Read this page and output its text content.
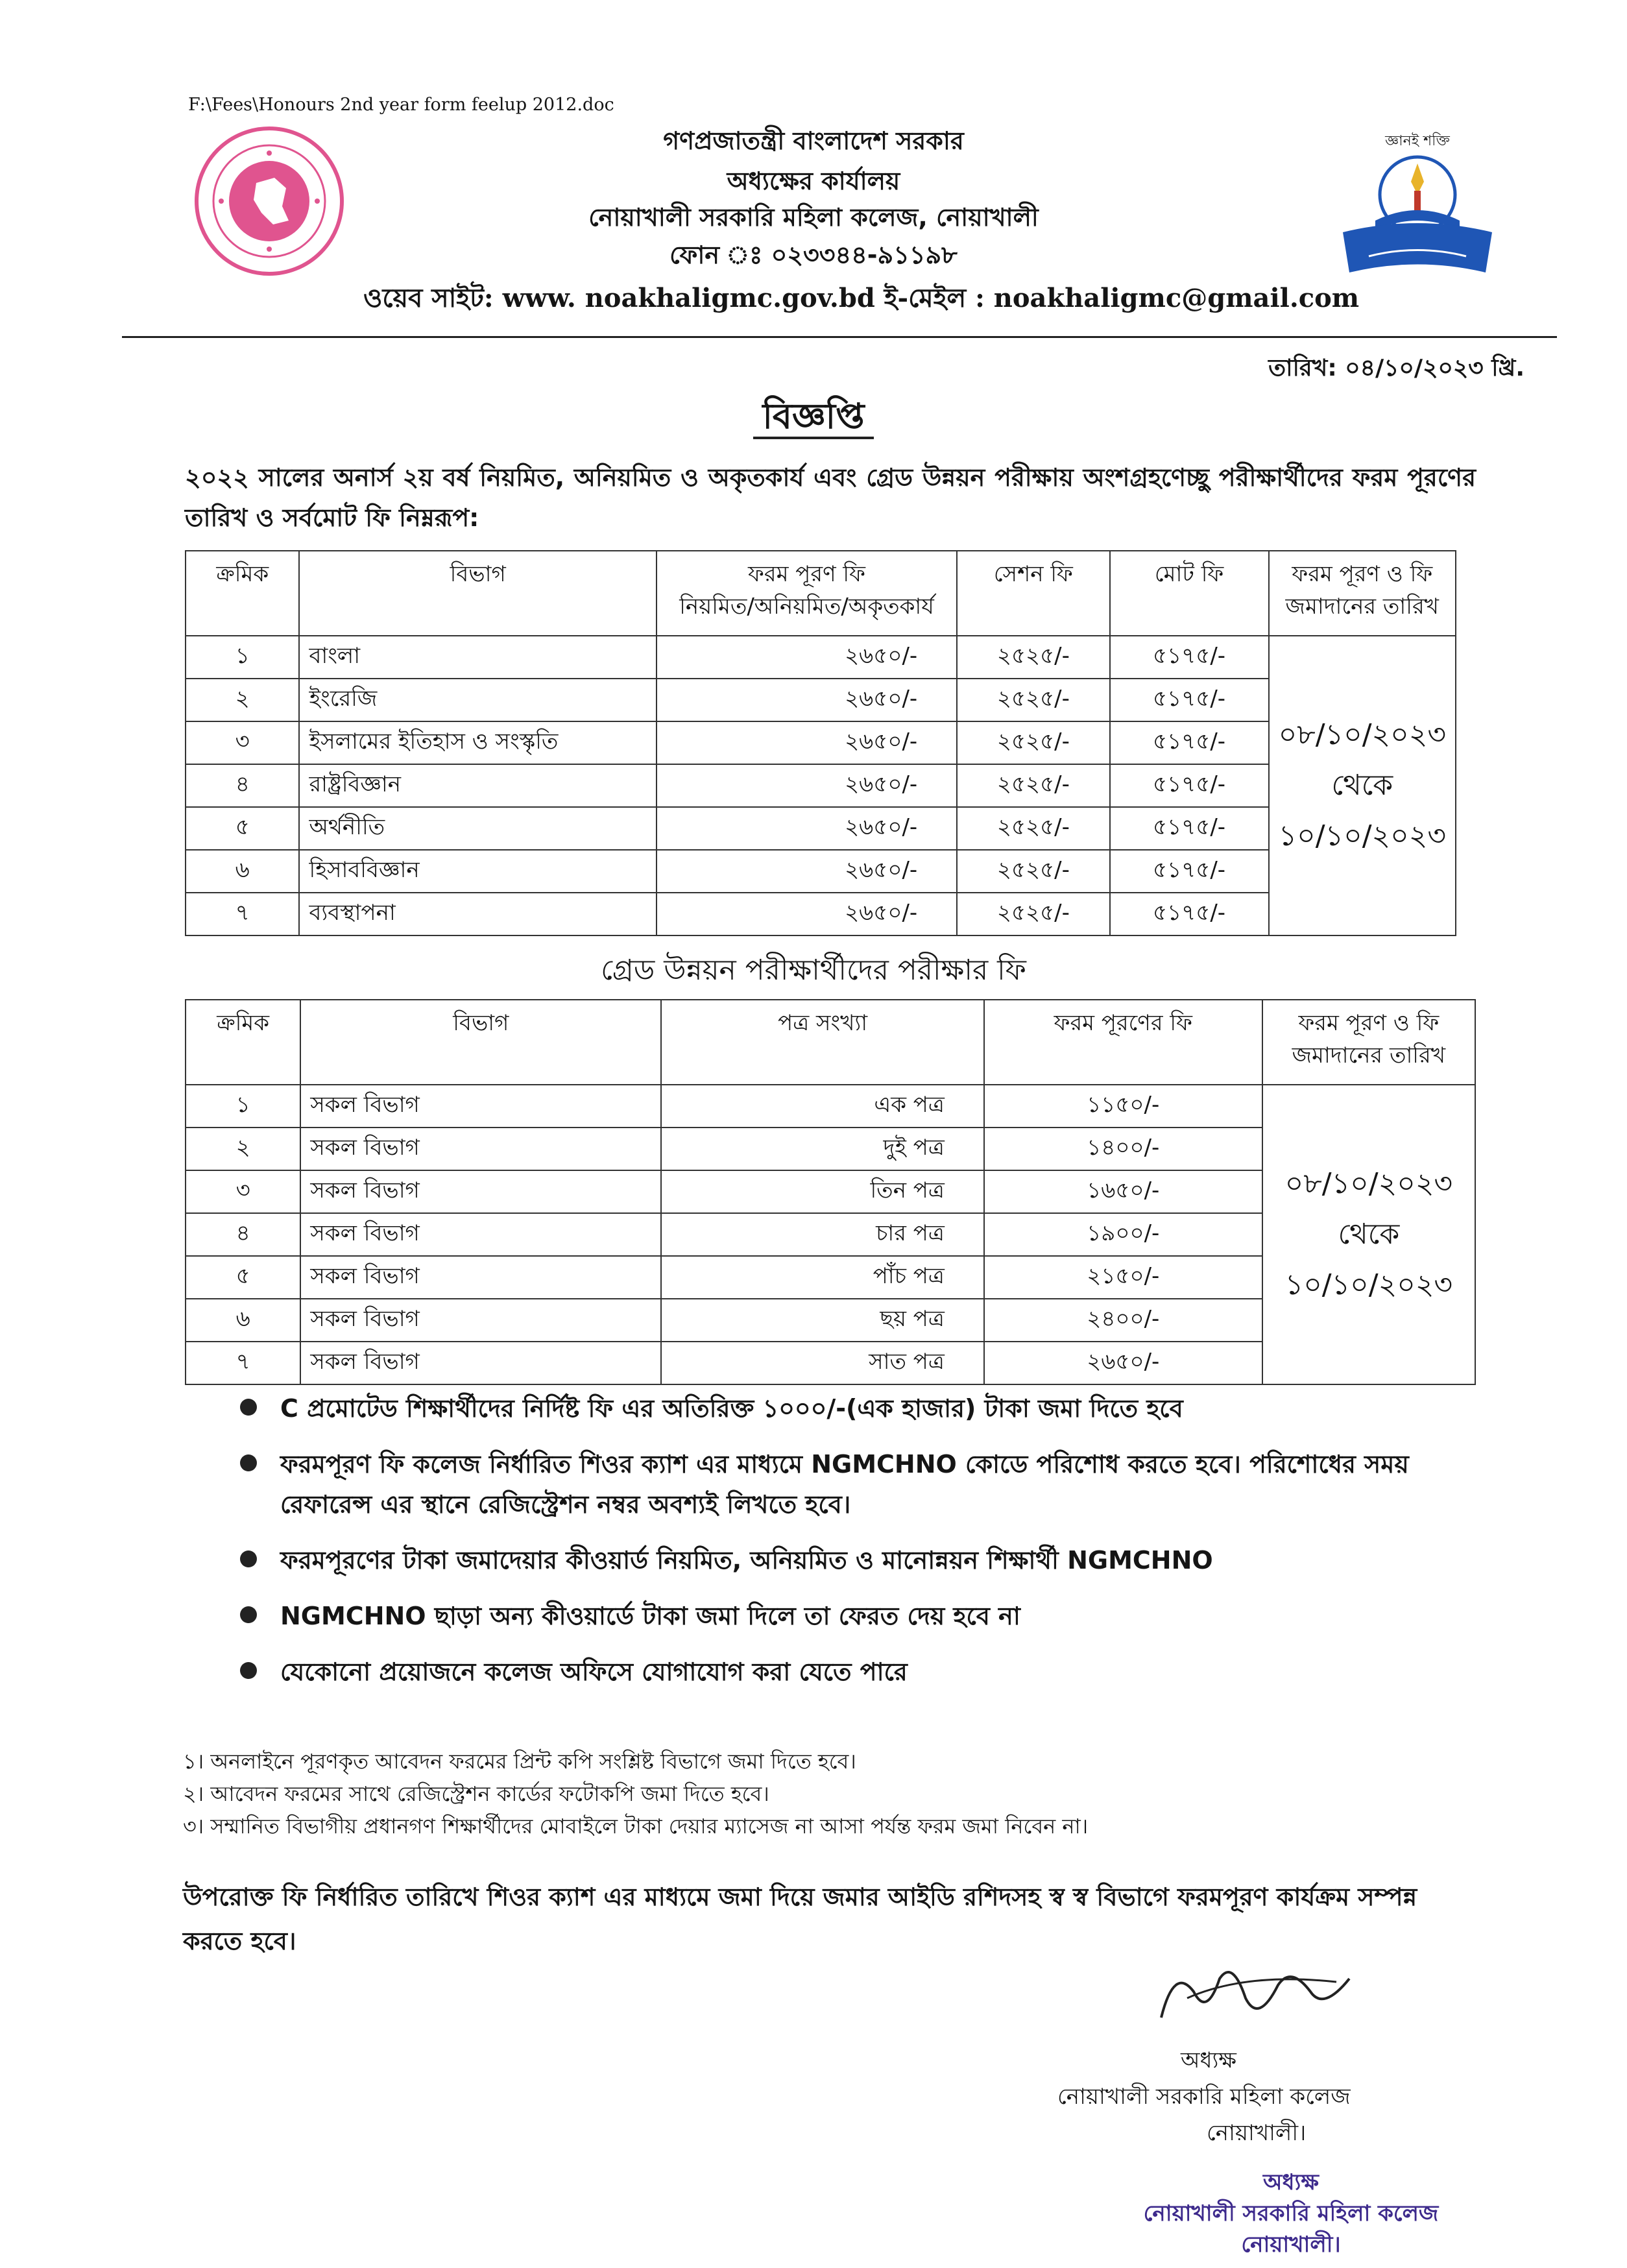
F:\Fees\Honours 2nd year form feelup 2012.doc
জ্ঞানই শক্তি
গণপ্রজাতন্ত্রী বাংলাদেশ সরকার
অধ্যক্ষের কার্যালয়
নোয়াখালী সরকারি মহিলা কলেজ, নোয়াখালী
ফোন ঃ ০২৩৩৪৪-৯১১৯৮
ওয়েব সাইট: www. noakhaligmc.gov.bd ই-মেইল : noakhaligmc@gmail.com
তারিখ: ০৪/১০/২০২৩ খ্রি.
বিজ্ঞপ্তি
২০২২ সালের অনার্স ২য় বর্ষ নিয়মিত, অনিয়মিত ও অকৃতকার্য এবং গ্রেড উন্নয়ন পরীক্ষায় অংশগ্রহণেচ্ছু পরীক্ষার্থীদের ফরম পূরণের তারিখ ও সর্বমোট ফি নিম্নরূপ:
ক্রমিক	বিভাগ	ফরম পূরণ ফি
নিয়মিত/অনিয়মিত/অকৃতকার্য	সেশন ফি	মোট ফি	ফরম পূরণ ও ফি জমাদানের তারিখ
১	বাংলা	২৬৫০/-	২৫২৫/-	৫১৭৫/-	০৮/১০/২০২৩
থেকে
১০/১০/২০২৩

২	ইংরেজি	২৬৫০/-	২৫২৫/-	৫১৭৫/-	
৩	ইসলামের ইতিহাস ও সংস্কৃতি	২৬৫০/-	২৫২৫/-	৫১৭৫/-	
৪	রাষ্ট্রবিজ্ঞান	২৬৫০/-	২৫২৫/-	৫১৭৫/-	
৫	অর্থনীতি	২৬৫০/-	২৫২৫/-	৫১৭৫/-	
৬	হিসাববিজ্ঞান	২৬৫০/-	২৫২৫/-	৫১৭৫/-	
৭	ব্যবস্থাপনা	২৬৫০/-	২৫২৫/-	৫১৭৫/-	
গ্রেড উন্নয়ন পরীক্ষার্থীদের পরীক্ষার ফি
ক্রমিক	বিভাগ	পত্র সংখ্যা	ফরম পূরণের ফি	ফরম পূরণ ও ফি জমাদানের তারিখ
১	সকল বিভাগ	এক পত্র	১১৫০/-	০৮/১০/২০২৩
থেকে
১০/১০/২০২৩

২	সকল বিভাগ	দুই পত্র	১৪০০/-	
৩	সকল বিভাগ	তিন পত্র	১৬৫০/-	
৪	সকল বিভাগ	চার পত্র	১৯০০/-	
৫	সকল বিভাগ	পাঁচ পত্র	২১৫০/-	
৬	সকল বিভাগ	ছয় পত্র	২৪০০/-	
৭	সকল বিভাগ	সাত পত্র	২৬৫০/-	
C প্রমোটেড শিক্ষার্থীদের নির্দিষ্ট ফি এর অতিরিক্ত ১০০০/-(এক হাজার) টাকা জমা দিতে হবে
ফরমপূরণ ফি কলেজ নির্ধারিত শিওর ক্যাশ এর মাধ্যমে NGMCHNO কোডে পরিশোধ করতে হবে। পরিশোধের সময় রেফারেন্স এর স্থানে রেজিস্ট্রেশন নম্বর অবশ্যই লিখতে হবে।
ফরমপূরণের টাকা জমাদেয়ার কীওয়ার্ড নিয়মিত, অনিয়মিত ও মানোন্নয়ন শিক্ষার্থী NGMCHNO
NGMCHNO ছাড়া অন্য কীওয়ার্ডে টাকা জমা দিলে তা ফেরত দেয় হবে না
যেকোনো প্রয়োজনে কলেজ অফিসে যোগাযোগ করা যেতে পারে
১। অনলাইনে পূরণকৃত আবেদন ফরমের প্রিন্ট কপি সংশ্লিষ্ট বিভাগে জমা দিতে হবে।
২। আবেদন ফরমের সাথে রেজিস্ট্রেশন কার্ডের ফটোকপি জমা দিতে হবে।
৩। সম্মানিত বিভাগীয় প্রধানগণ শিক্ষার্থীদের মোবাইলে টাকা দেয়ার ম্যাসেজ না আসা পর্যন্ত ফরম জমা নিবেন না।
উপরোক্ত ফি নির্ধারিত তারিখে শিওর ক্যাশ এর মাধ্যমে জমা দিয়ে জমার আইডি রশিদসহ স্ব স্ব বিভাগে ফরমপূরণ কার্যক্রম সম্পন্ন করতে হবে।
অধ্যক্ষ
নোয়াখালী সরকারি মহিলা কলেজ
নোয়াখালী।
অধ্যক্ষ
নোয়াখালী সরকারি মহিলা কলেজ
নোয়াখালী।
